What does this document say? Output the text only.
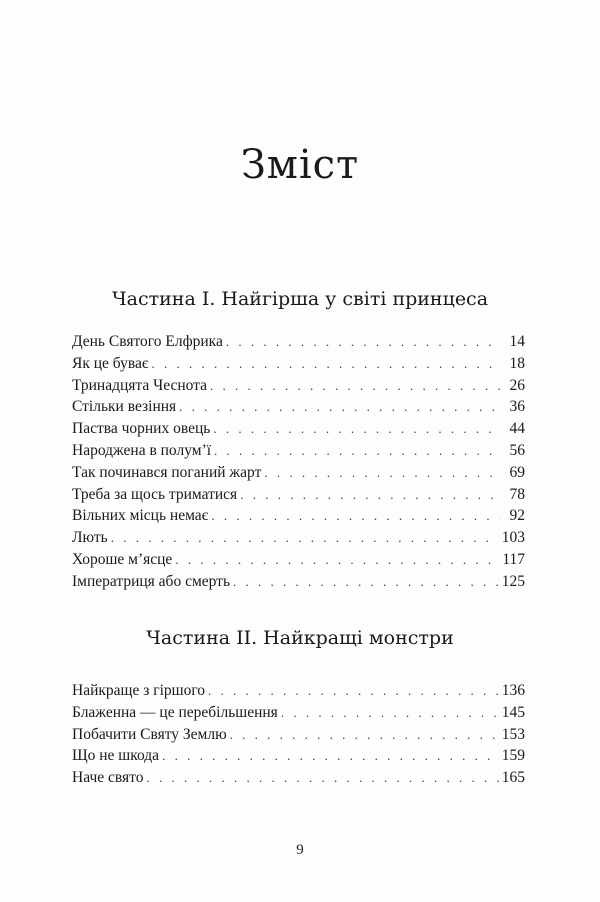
Зміст
Частина I. Найгірша у світі принцеса
День Святого Елфрика . . .	14
Як це буває . . .	18
Тринадцята Чеснота . . .	26
Стільки везіння . . .	36
Паства чорних овець . . .	44
Народжена в полум’ї . . .	56
Так починався поганий жарт . . .	69
Треба за щось триматися . . .	78
Вільних місць немає . . .	92
Лють . . .	103
Хороше м’ясце . . .	117
Імператриця або смерть . . .	125
Частина II. Найкращі монстри
Найкраще з гіршого . . .	136
Блаженна — це перебільшення . . .	145
Побачити Святу Землю . . .	153
Що не шкода . . .	159
Наче свято . . .	165
9
